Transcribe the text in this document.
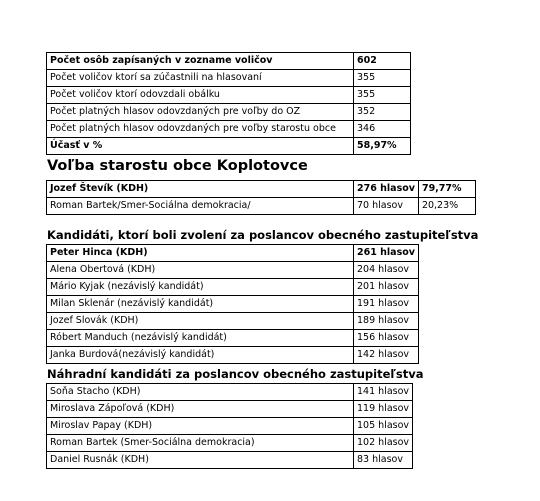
Počet osôb zapísaných v zozname voličov	602
Počet voličov ktorí sa zúčastnili na hlasovaní	355
Počet voličov ktorí odovzdali obálku	355
Počet platných hlasov odovzdaných pre voľby do OZ	352
Počet platných hlasov odovzdaných pre voľby starostu obce	346
Účasť v %	58,97%
Voľba starostu obce Koplotovce
Jozef Števík (KDH)	276 hlasov	79,77%
Roman Bartek/Smer-Sociálna demokracia/	70 hlasov	20,23%
Kandidáti, ktorí boli zvolení za poslancov obecného zastupiteľstva
Peter Hinca (KDH)	261 hlasov
Alena Obertová (KDH)	204 hlasov
Mário Kyjak (nezávislý kandidát)	201 hlasov
Milan Sklenár (nezávislý kandidát)	191 hlasov
Jozef Slovák (KDH)	189 hlasov
Róbert Manduch (nezávislý kandidát)	156 hlasov
Janka Burdová(nezávislý kandidát)	142 hlasov
Náhradní kandidáti za poslancov obecného zastupiteľstva
Soňa Stacho (KDH)	141 hlasov
Miroslava Zápoľová (KDH)	119 hlasov
Miroslav Papay (KDH)	105 hlasov
Roman Bartek (Smer-Sociálna demokracia)	102 hlasov
Daniel Rusnák (KDH)	83 hlasov
